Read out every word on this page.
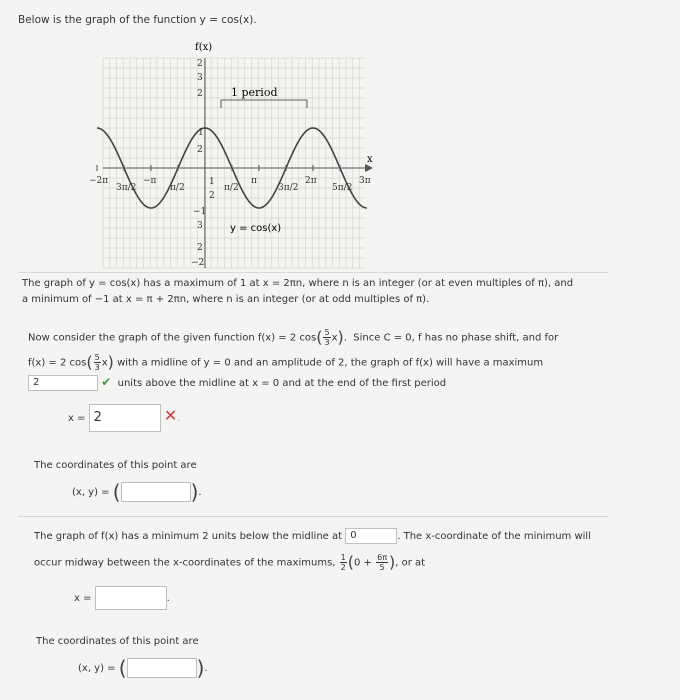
Below is the graph of the function y = cos(x).
1 period
f(x)
x
y = cos(x)
2
3
2
1
2
1
2
−1
3
2
−2
−2π
3π/2
−π
π/2	π/2
π
3π/2
2π
5π/2
3π
The graph of y = cos(x) has a maximum of 1 at x = 2πn, where n is an integer (or at even multiples of π), and
a minimum of −1 at x = π + 2πn, where n is an integer (or at odd multiples of π).
Now consider the graph of the given function f(x) = 2 $\cos( \frac{5}{3} x)$.  Since C = 0, f has no phase shift, and for
f(x) = 2 $\cos( \frac{5}{3} x)$ with a midline of y = 0 and an amplitude of 2, the graph of f(x) will have a maximum
2	✔ units above the midline at x = 0 and at the end of the first period
x = 2	✕.
The coordinates of this point are
(x, y) = (	).
The graph of f(x) has a minimum 2 units below the midline at 0	. The x-coordinate of the minimum will
occur midway between the x-coordinates of the maximums, $\frac{1}{2} (0 + \frac{6\pi}{5}$ ), or at
x =	.
The coordinates of this point are
(x, y) = (	).
